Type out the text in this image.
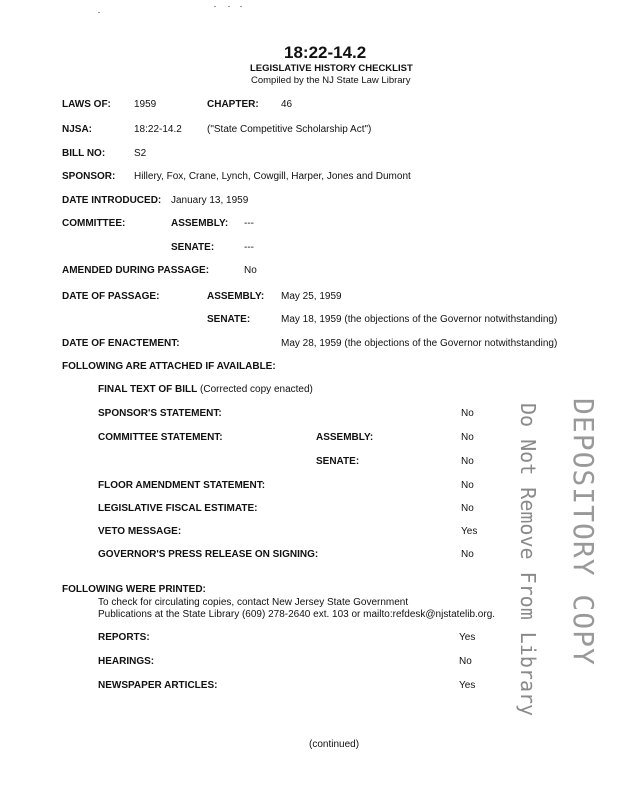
18:22-14.2
LEGISLATIVE HISTORY CHECKLIST
Compiled by the NJ State Law Library
LAWS OF: 1959	CHAPTER: 46
NJSA:	18:22-14.2	("State Competitive Scholarship Act")
BILL NO:	S2
SPONSOR: Hillery, Fox, Crane, Lynch, Cowgill, Harper, Jones and Dumont
DATE INTRODUCED: January 13, 1959
COMMITTEE:	ASSEMBLY: ---
SENATE:	---
AMENDED DURING PASSAGE:	No
DATE OF PASSAGE:	ASSEMBLY: May 25, 1959
SENATE:	May 18, 1959 (the objections of the Governor notwithstanding)
DATE OF ENACTEMENT:	May 28, 1959 (the objections of the Governor notwithstanding)
FOLLOWING ARE ATTACHED IF AVAILABLE:
FINAL TEXT OF BILL (Corrected copy enacted)
SPONSOR'S STATEMENT:	No
COMMITTEE STATEMENT:	ASSEMBLY:	No
SENATE:	No
FLOOR AMENDMENT STATEMENT:	No
LEGISLATIVE FISCAL ESTIMATE:	No
VETO MESSAGE:	Yes
GOVERNOR'S PRESS RELEASE ON SIGNING:	No
FOLLOWING WERE PRINTED:
To check for circulating copies, contact New Jersey State Government
Publications at the State Library (609) 278-2640 ext. 103 or mailto:refdesk@njstatelib.org.
REPORTS:	Yes
HEARINGS:	No
NEWSPAPER ARTICLES:	Yes
(continued)
DEPOSITORY COPY
Do Not Remove From Library
